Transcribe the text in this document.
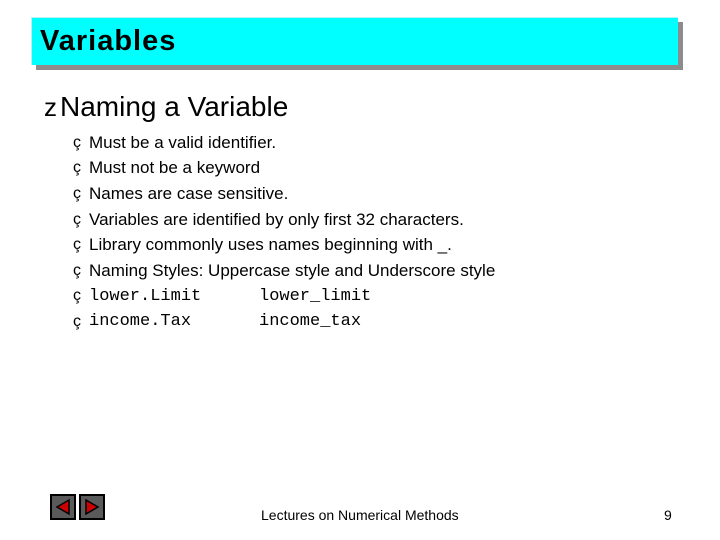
Variables
z Naming a Variable
ç Must be a valid identifier.
ç Must not be a keyword
ç Names are case sensitive.
ç Variables are identified by only first 32 characters.
ç Library commonly uses names beginning with _.
ç Naming Styles: Uppercase style and Underscore style
ç lower.Limit	lower_limit
ç income.Tax	income_tax
Lectures on Numerical Methods	9
